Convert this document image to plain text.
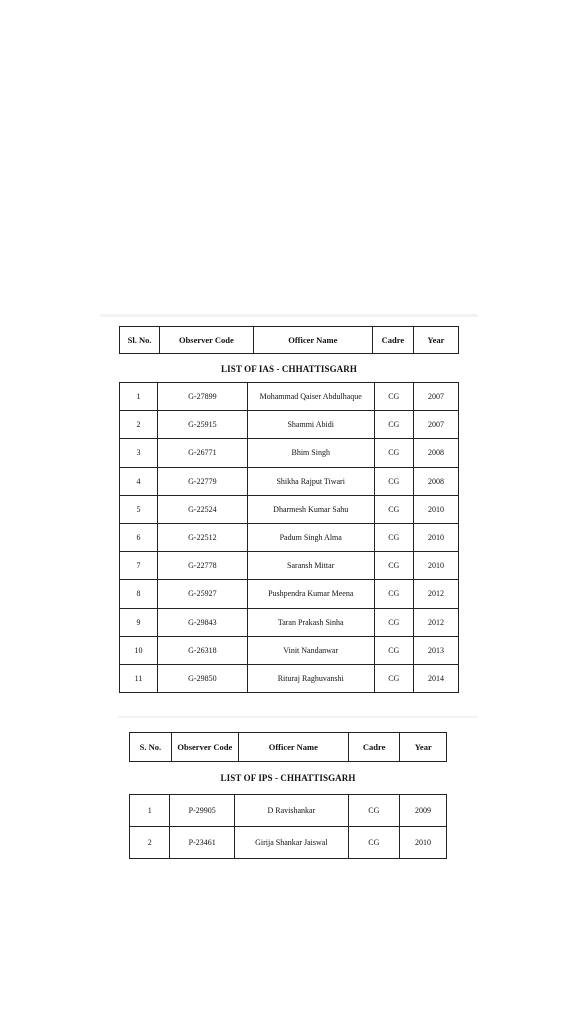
Sl. No.	Observer Code	Officer Name	Cadre	Year
LIST OF IAS - CHHATTISGARH
1	G-27899	Mohammad Qaiser Abdulhaque	CG	2007
2	G-25915	Shammi Abidi	CG	2007
3	G-26771	Bhim Singh	CG	2008
4	G-22779	Shikha Rajput Tiwari	CG	2008
5	G-22524	Dharmesh Kumar Sahu	CG	2010
6	G-22512	Padum Singh Alma	CG	2010
7	G-22778	Saransh Mittar	CG	2010
8	G-25927	Pushpendra Kumar Meena	CG	2012
9	G-29843	Taran Prakash Sinha	CG	2012
10	G-26318	Vinit Nandanwar	CG	2013
11	G-29850	Rituraj Raghuvanshi	CG	2014
S. No.	Observer Code	Officer Name	Cadre	Year
LIST OF IPS - CHHATTISGARH
1	P-29905	D Ravishankar	CG	2009
2	P-23461	Girija Shankar Jaiswal	CG	2010
